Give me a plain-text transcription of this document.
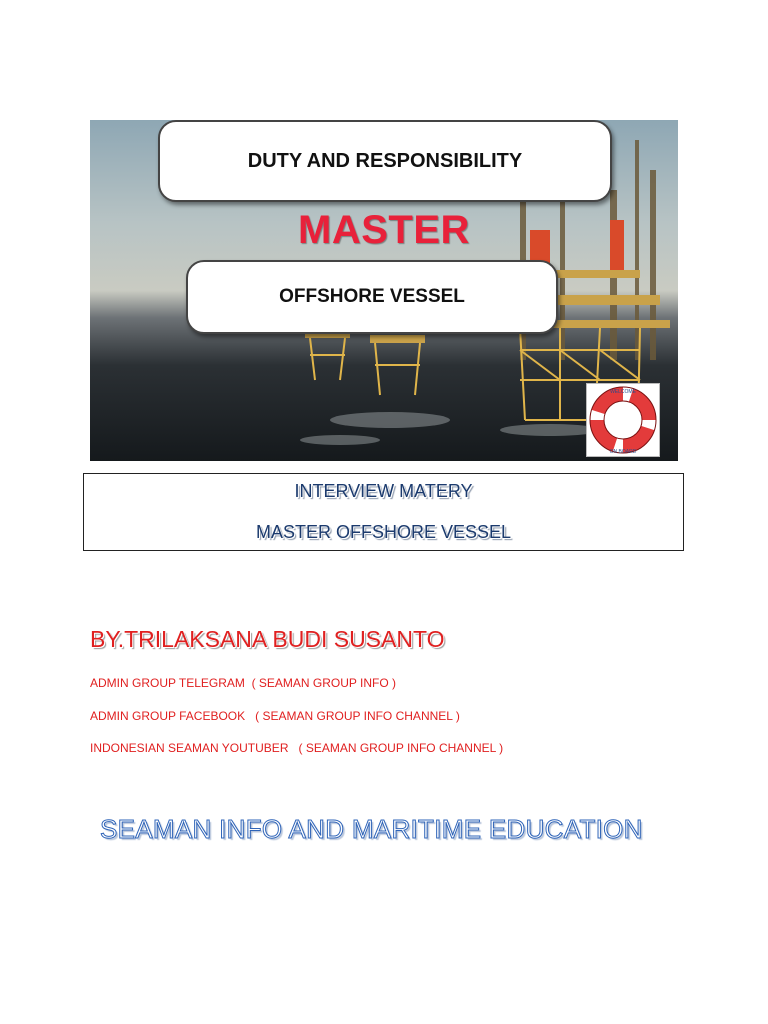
DUTY AND RESPONSIBILITY
MASTER
OFFSHORE VESSEL
WELCOME
ON BOARD
INTERVIEW MATERY
MASTER OFFSHORE VESSEL
BY.TRILAKSANA BUDI SUSANTO
ADMIN GROUP TELEGRAM  ( SEAMAN GROUP INFO )
ADMIN GROUP FACEBOOK   ( SEAMAN GROUP INFO CHANNEL )
INDONESIAN SEAMAN YOUTUBER   ( SEAMAN GROUP INFO CHANNEL )
SEAMAN INFO AND MARITIME EDUCATION
